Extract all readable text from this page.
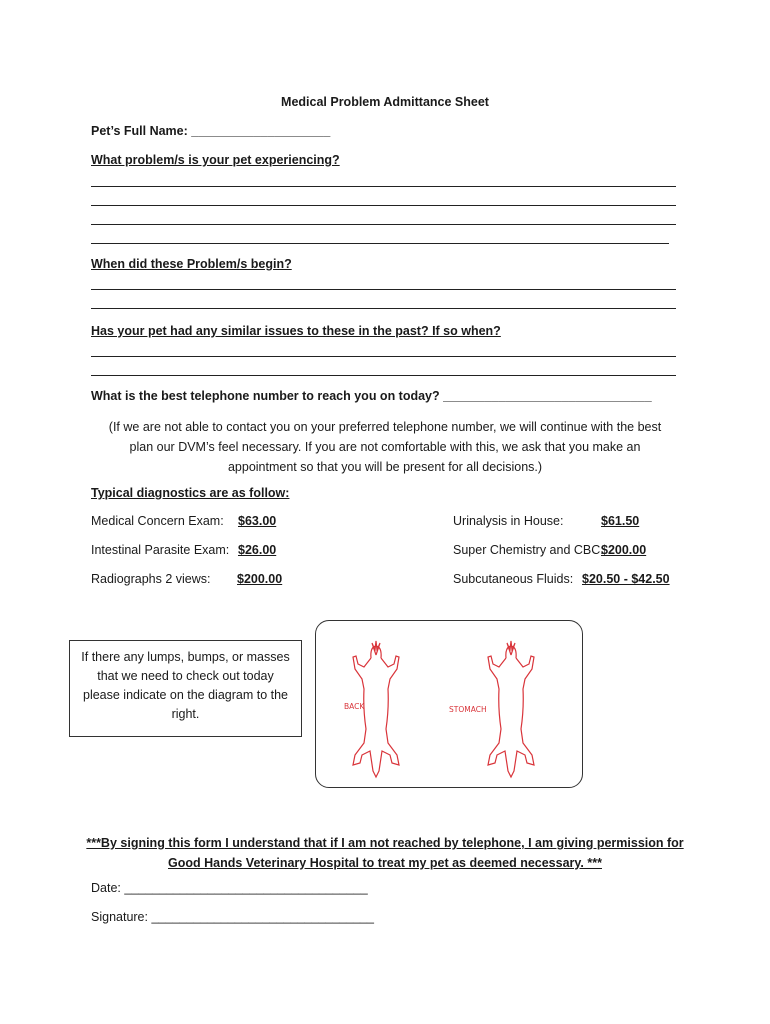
Medical Problem Admittance Sheet
Pet’s Full Name: ____________________
What problem/s is your pet experiencing?
When did these Problem/s begin?
Has your pet had any similar issues to these in the past? If so when?
What is the best telephone number to reach you on today? ______________________________
(If we are not able to contact you on your preferred telephone number, we will continue with the best
plan our DVM’s feel necessary. If you are not comfortable with this, we ask that you make an
appointment so that you will be present for all decisions.)
Typical diagnostics are as follow:
Medical Concern Exam: $63.00
Intestinal Parasite Exam: $26.00
Radiographs 2 views: $200.00
Urinalysis in House:	$61.50
Super Chemistry and CBC:
$200.00
Subcutaneous Fluids: $20.50 - $42.50
If there any lumps, bumps, or masses
that we need to check out today
please indicate on the diagram to the
right.
BACK	STOMACH
***By signing this form I understand that if I am not reached by telephone, I am giving permission for
Good Hands Veterinary Hospital to treat my pet as deemed necessary. ***
Date: ___________________________________
Signature: ________________________________
